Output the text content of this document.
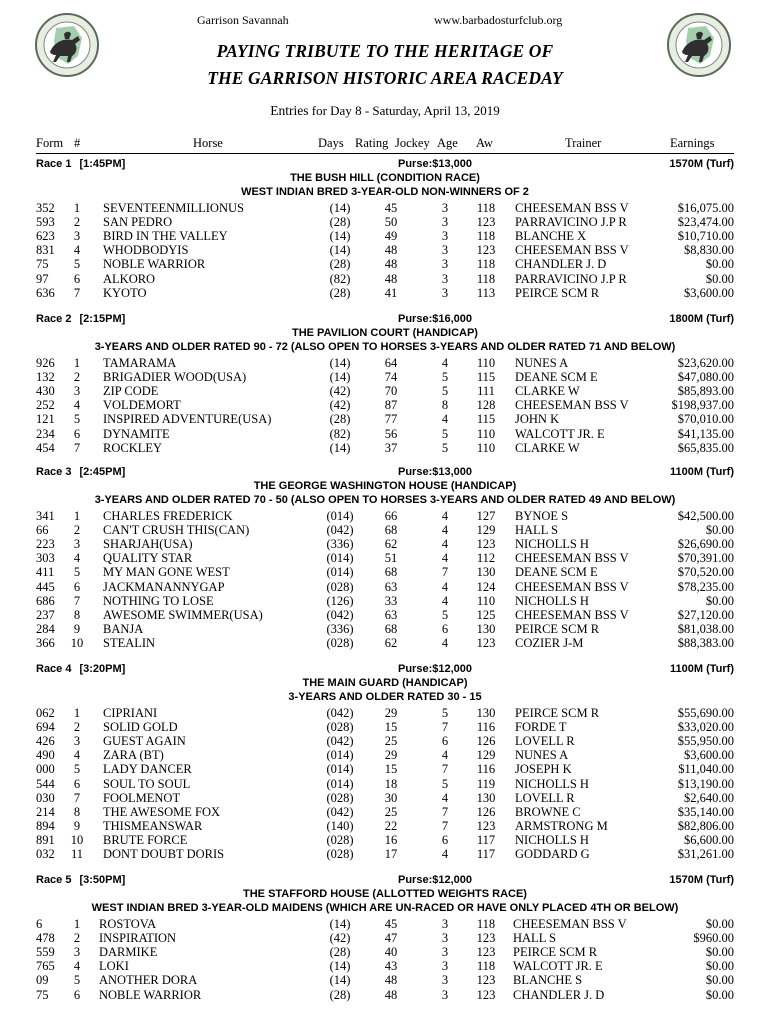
Garrison Savannah	www.barbadosturfclub.org
PAYING TRIBUTE TO THE HERITAGE OF
THE GARRISON HISTORIC AREA RACEDAY
Entries for Day 8 - Saturday, April 13, 2019
Form #	Horse	Days Rating Jockey Age Aw	Trainer	Earnings
Race 1 [1:45PM]	Purse:$13,000	1570M (Turf)
THE BUSH HILL (CONDITION RACE)
WEST INDIAN BRED 3-YEAR-OLD NON-WINNERS OF 2
352	1	SEVENTEENMILLIONUS	(14)	45	3	118	CHEESEMAN BSS V	$16,075.00
593	2	SAN PEDRO	(28)	50	3	123	PARRAVICINO J.P R	$23,474.00
623	3	BIRD IN THE VALLEY	(14)	49	3	118	BLANCHE X	$10,710.00
831	4	WHODBODYIS	(14)	48	3	123	CHEESEMAN BSS V	$8,830.00
75	5	NOBLE WARRIOR	(28)	48	3	118	CHANDLER J. D	$0.00
97	6	ALKORO	(82)	48	3	118	PARRAVICINO J.P R	$0.00
636	7	KYOTO	(28)	41	3	113	PEIRCE SCM R	$3,600.00
Race 2 [2:15PM]	Purse:$16,000	1800M (Turf)
THE PAVILION COURT (HANDICAP)
3-YEARS AND OLDER RATED 90 - 72 (ALSO OPEN TO HORSES 3-YEARS AND OLDER RATED 71 AND BELOW)
926	1	TAMARAMA	(14)	64	4	110	NUNES A	$23,620.00
132	2	BRIGADIER WOOD(USA)	(14)	74	5	115	DEANE SCM E	$47,080.00
430	3	ZIP CODE	(42)	70	5	111	CLARKE W	$85,893.00
252	4	VOLDEMORT	(42)	87	8	128	CHEESEMAN BSS V	$198,937.00
121	5	INSPIRED ADVENTURE(USA)	(28)	77	4	115	JOHN K	$70,010.00
234	6	DYNAMITE	(82)	56	5	110	WALCOTT JR. E	$41,135.00
454	7	ROCKLEY	(14)	37	5	110	CLARKE W	$65,835.00
Race 3 [2:45PM]	Purse:$13,000	1100M (Turf)
THE GEORGE WASHINGTON HOUSE (HANDICAP)
3-YEARS AND OLDER RATED 70 - 50 (ALSO OPEN TO HORSES 3-YEARS AND OLDER RATED 49 AND BELOW)
341	1	CHARLES FREDERICK	(014)	66	4	127	BYNOE S	$42,500.00
66	2	CAN'T CRUSH THIS(CAN)	(042)	68	4	129	HALL S	$0.00
223	3	SHARJAH(USA)	(336)	62	4	123	NICHOLLS H	$26,690.00
303	4	QUALITY STAR	(014)	51	4	112	CHEESEMAN BSS V	$70,391.00
411	5	MY MAN GONE WEST	(014)	68	7	130	DEANE SCM E	$70,520.00
445	6	JACKMANANNYGAP	(028)	63	4	124	CHEESEMAN BSS V	$78,235.00
686	7	NOTHING TO LOSE	(126)	33	4	110	NICHOLLS H	$0.00
237	8	AWESOME SWIMMER(USA)	(042)	63	5	125	CHEESEMAN BSS V	$27,120.00
284	9	BANJA	(336)	68	6	130	PEIRCE SCM R	$81,038.00
366	10	STEALIN	(028)	62	4	123	COZIER J-M	$88,383.00
Race 4 [3:20PM]	Purse:$12,000	1100M (Turf)
THE MAIN GUARD (HANDICAP)
3-YEARS AND OLDER RATED 30 - 15
062	1	CIPRIANI	(042)	29	5	130	PEIRCE SCM R	$55,690.00
694	2	SOLID GOLD	(028)	15	7	116	FORDE T	$33,020.00
426	3	GUEST AGAIN	(042)	25	6	126	LOVELL R	$55,950.00
490	4	ZARA (BT)	(014)	29	4	129	NUNES A	$3,600.00
000	5	LADY DANCER	(014)	15	7	116	JOSEPH K	$11,040.00
544	6	SOUL TO SOUL	(014)	18	5	119	NICHOLLS H	$13,190.00
030	7	FOOLMENOT	(028)	30	4	130	LOVELL R	$2,640.00
214	8	THE AWESOME FOX	(042)	25	7	126	BROWNE C	$35,140.00
894	9	THISMEANSWAR	(140)	22	7	123	ARMSTRONG M	$82,806.00
891	10	BRUTE FORCE	(028)	16	6	117	NICHOLLS H	$6,600.00
032	11	DONT DOUBT DORIS	(028)	17	4	117	GODDARD G	$31,261.00
Race 5 [3:50PM]	Purse:$12,000	1570M (Turf)
THE STAFFORD HOUSE (ALLOTTED WEIGHTS RACE)
WEST INDIAN BRED 3-YEAR-OLD MAIDENS (WHICH ARE UN-RACED OR HAVE ONLY PLACED 4TH OR BELOW)
6	1	ROSTOVA	(14)	45	3	118	CHEESEMAN BSS V	$0.00
478	2	INSPIRATION	(42)	47	3	123	HALL S	$960.00
559	3	DARMIKE	(28)	40	3	123	PEIRCE SCM R	$0.00
765	4	LOKI	(14)	43	3	118	WALCOTT JR. E	$0.00
09	5	ANOTHER DORA	(14)	48	3	123	BLANCHE S	$0.00
75	6	NOBLE WARRIOR	(28)	48	3	123	CHANDLER J. D	$0.00
